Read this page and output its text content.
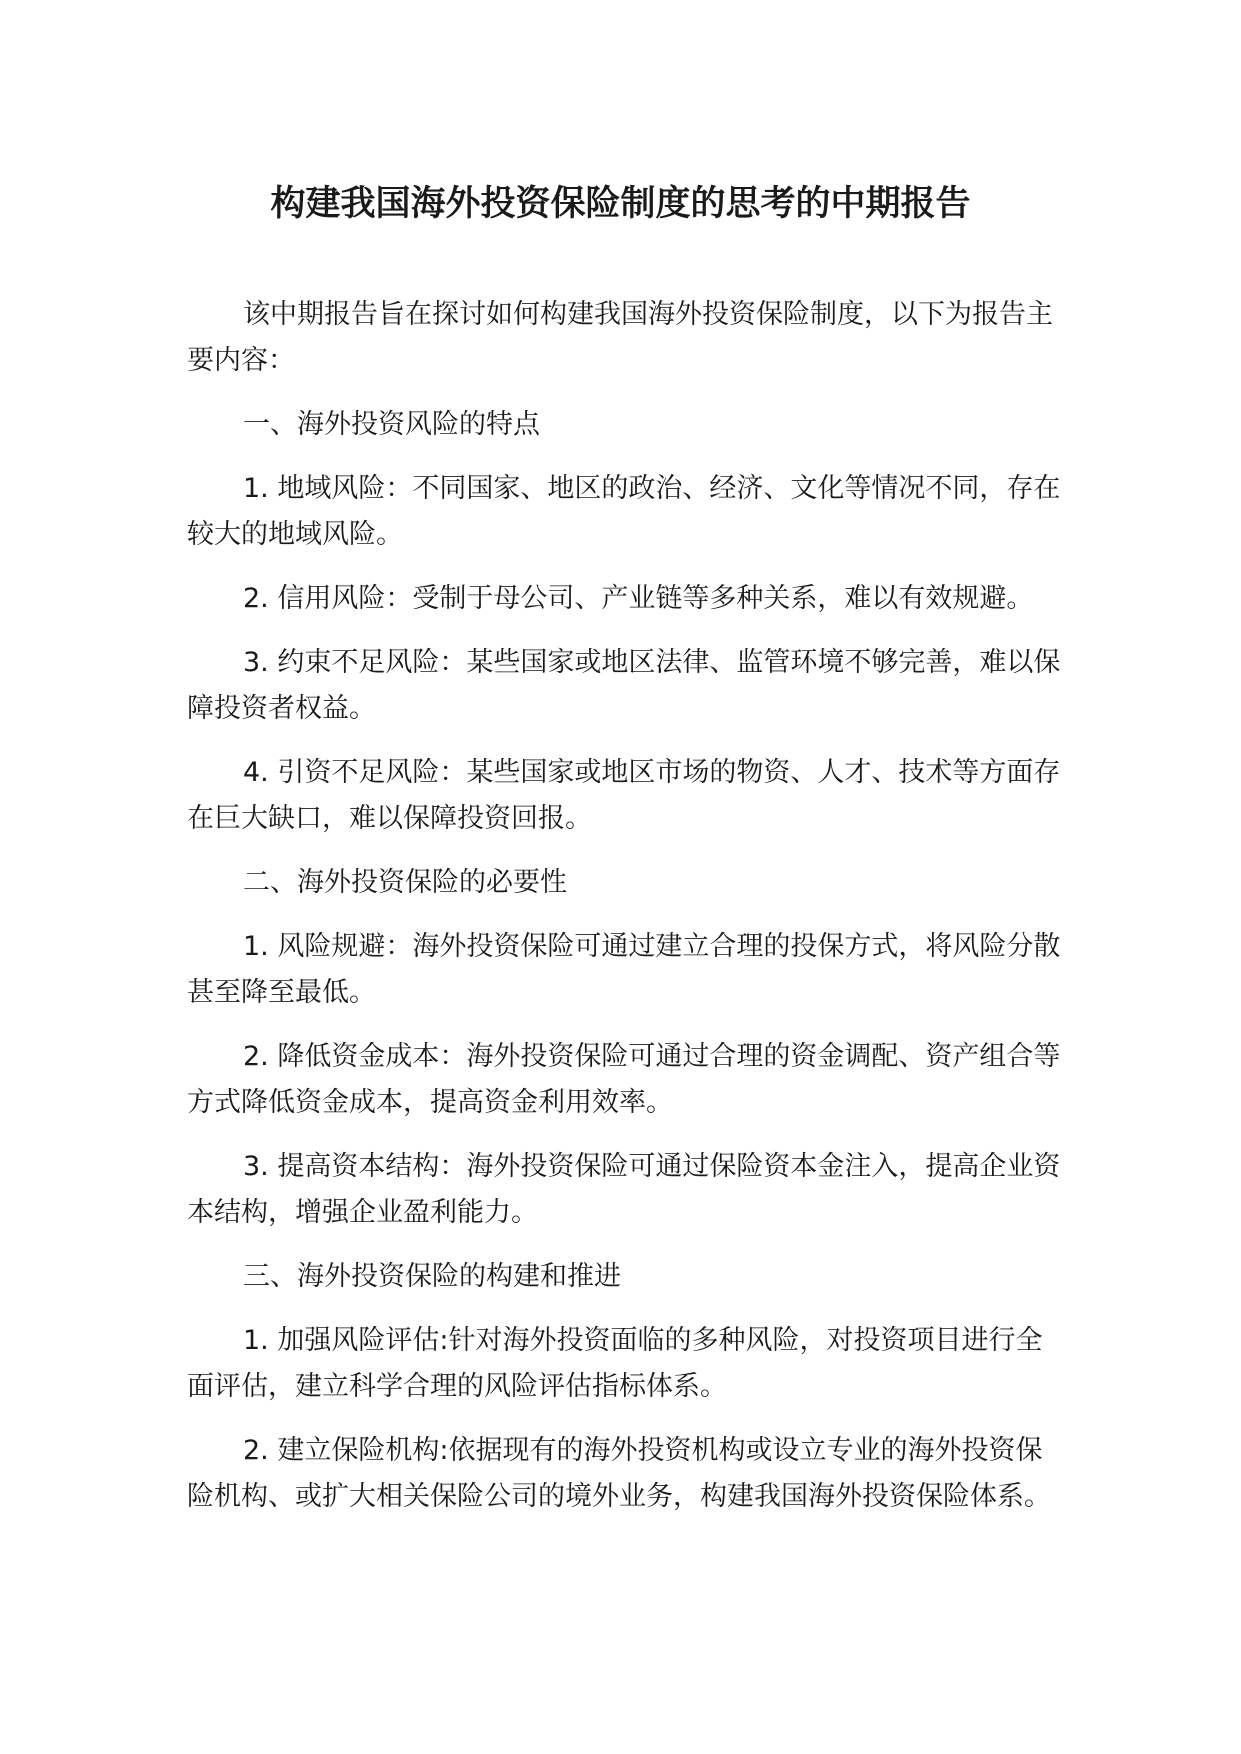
构建我国海外投资保险制度的思考的中期报告

该中期报告旨在探讨如何构建我国海外投资保险制度，以下为报告主要内容：

一、海外投资风险的特点

1. 地域风险：不同国家、地区的政治、经济、文化等情况不同，存在较大的地域风险。

2. 信用风险：受制于母公司、产业链等多种关系，难以有效规避。

3. 约束不足风险：某些国家或地区法律、监管环境不够完善，难以保障投资者权益。

4. 引资不足风险：某些国家或地区市场的物资、人才、技术等方面存在巨大缺口，难以保障投资回报。

二、海外投资保险的必要性

1. 风险规避：海外投资保险可通过建立合理的投保方式，将风险分散甚至降至最低。

2. 降低资金成本：海外投资保险可通过合理的资金调配、资产组合等方式降低资金成本，提高资金利用效率。

3. 提高资本结构：海外投资保险可通过保险资本金注入，提高企业资本结构，增强企业盈利能力。

三、海外投资保险的构建和推进

1. 加强风险评估:针对海外投资面临的多种风险，对投资项目进行全面评估，建立科学合理的风险评估指标体系。

2. 建立保险机构:依据现有的海外投资机构或设立专业的海外投资保险机构、或扩大相关保险公司的境外业务，构建我国海外投资保险体系。
